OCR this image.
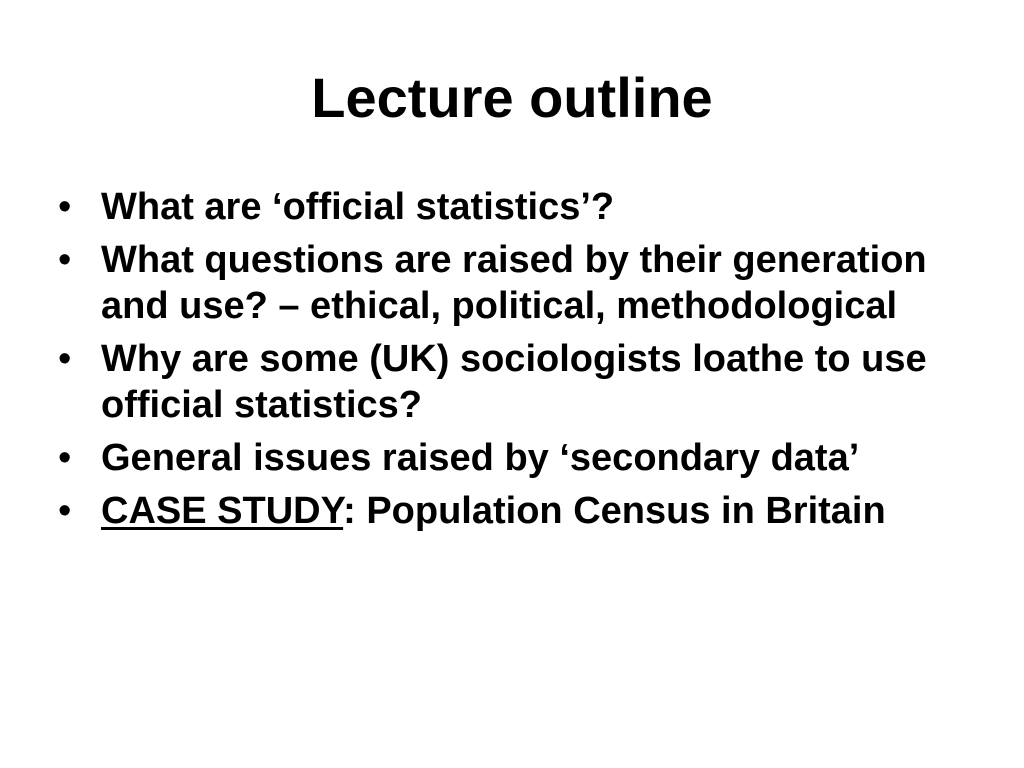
Lecture outline
• What are ‘official statistics’?
• What questions are raised by their generation and use? – ethical, political, methodological
• Why are some (UK) sociologists loathe to use official statistics?
• General issues raised by ‘secondary data’
• CASE STUDY: Population Census in Britain
